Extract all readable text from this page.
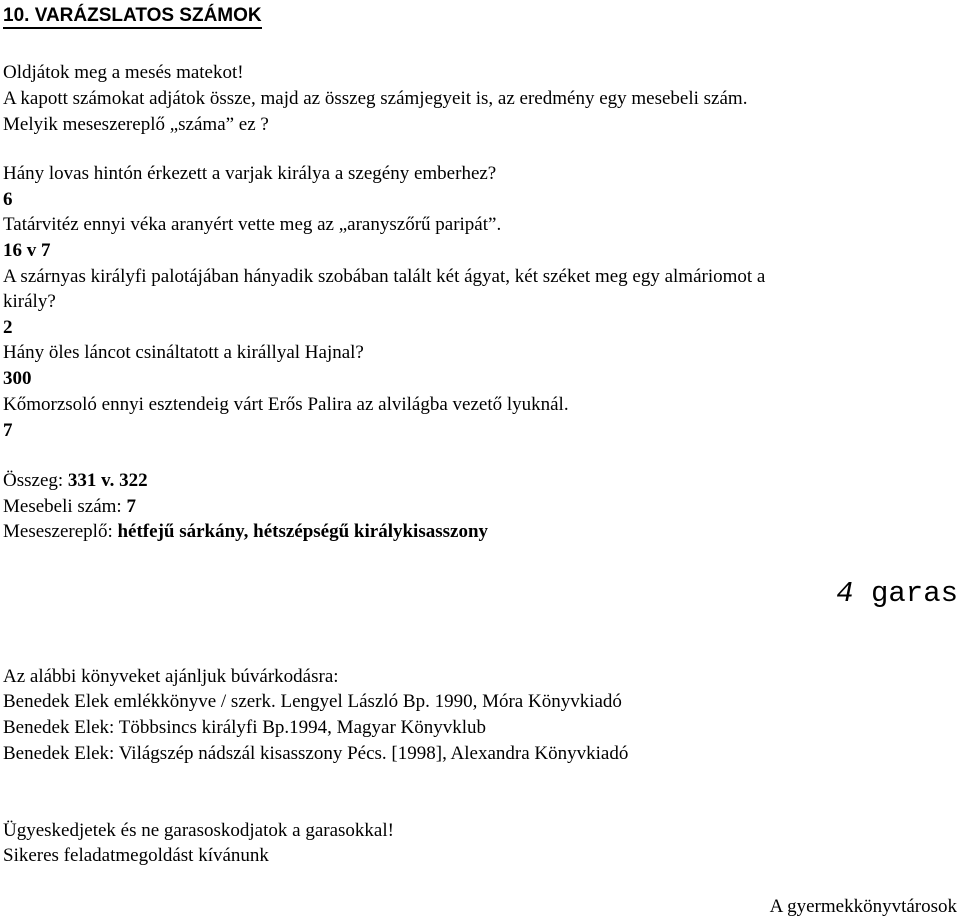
10. VARÁZSLATOS SZÁMOK
Oldjátok meg a mesés matekot!
A kapott számokat adjátok össze, majd az összeg számjegyeit is, az eredmény egy mesebeli szám.
Melyik meseszereplő „száma” ez ?
Hány lovas hintón érkezett a varjak királya a szegény emberhez?
6
Tatárvitéz ennyi véka aranyért vette meg az „aranyszőrű paripát”.
16 v 7
A szárnyas királyfi palotájában hányadik szobában talált két ágyat, két széket meg egy almáriomot a
király?
2
Hány öles láncot csináltatott a királlyal Hajnal?
300
Kőmorzsoló ennyi esztendeig várt Erős Palira az alvilágba vezető lyuknál.
7
Összeg: 331 v. 322
Mesebeli szám: 7
Meseszereplő: hétfejű sárkány, hétszépségű királykisasszony
4 garas
Az alábbi könyveket ajánljuk búvárkodásra:
Benedek Elek emlékkönyve / szerk. Lengyel László Bp. 1990, Móra Könyvkiadó
Benedek Elek: Többsincs királyfi Bp.1994, Magyar Könyvklub
Benedek Elek: Világszép nádszál kisasszony Pécs. [1998], Alexandra Könyvkiadó
Ügyeskedjetek és ne garasoskodjatok a garasokkal!
Sikeres feladatmegoldást kívánunk
A gyermekkönyvtárosok
